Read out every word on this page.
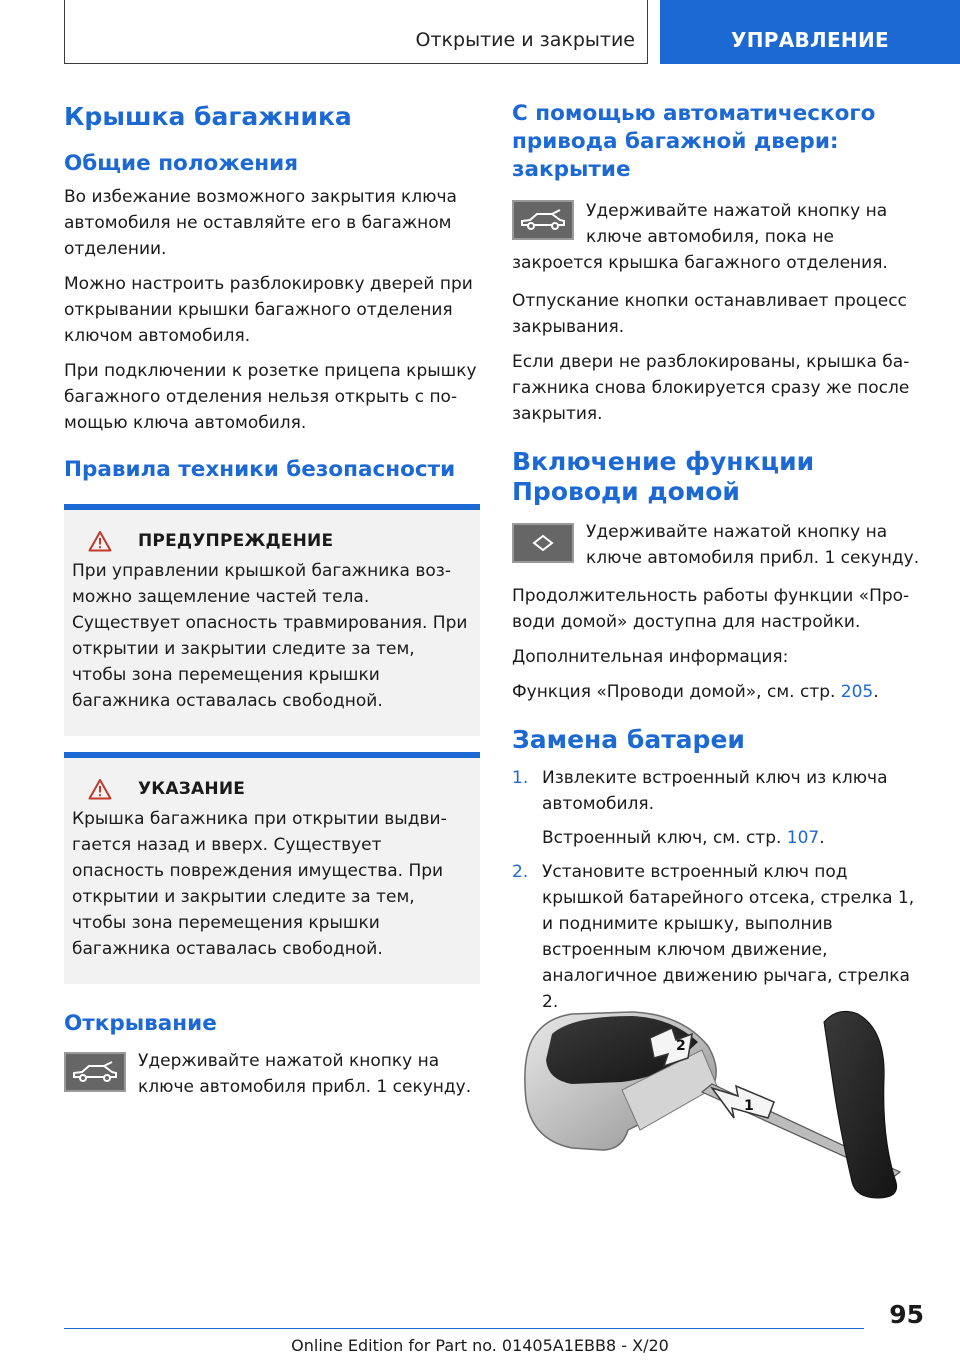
Открытие и закрытие	УПРАВЛЕНИЕ
Крышка багажника
Общие положения
Во избежание возможного закрытия ключа автомобиля не оставляйте его в багажном отделении.
Можно настроить разблокировку дверей при открывании крышки багажного отделения ключом автомобиля.
При подключении к розетке прицепа крышку багажного отделения нельзя открыть с помощью ключа автомобиля.
Правила техники безопасности
ПРЕДУПРЕЖДЕНИЕ
При управлении крышкой багажника возможно защемление частей тела. Существует опасность травмирования. При открытии и закрытии следите за тем, чтобы зона перемещения крышки багажника оставалась свободной.
УКАЗАНИЕ
Крышка багажника при открытии выдвигается назад и вверх. Существует опасность повреждения имущества. При открытии и закрытии следите за тем, чтобы зона перемещения крышки багажника оставалась свободной.
Открывание
Удерживайте нажатой кнопку на ключе автомобиля прибл. 1 секунду.
С помощью автоматического привода багажной двери: закрытие
Удерживайте нажатой кнопку на ключе автомобиля, пока не закроется крышка багажного отделения.
Отпускание кнопки останавливает процесс закрывания.
Если двери не разблокированы, крышка багажника снова блокируется сразу же после закрытия.
Включение функции Проводи домой
Удерживайте нажатой кнопку на ключе автомобиля прибл. 1 секунду.
Продолжительность работы функции «Проводи домой» доступна для настройки.
Дополнительная информация:
Функция «Проводи домой», см. стр. 205.
Замена батареи
1. Извлеките встроенный ключ из ключа автомобиля.
Встроенный ключ, см. стр. 107.
2. Установите встроенный ключ под крышкой батарейного отсека, стрелка 1, и поднимите крышку, выполнив встроенным ключом движение, аналогичное движению рычага, стрелка 2.
2
1
95
Online Edition for Part no. 01405A1EBB8 - X/20
